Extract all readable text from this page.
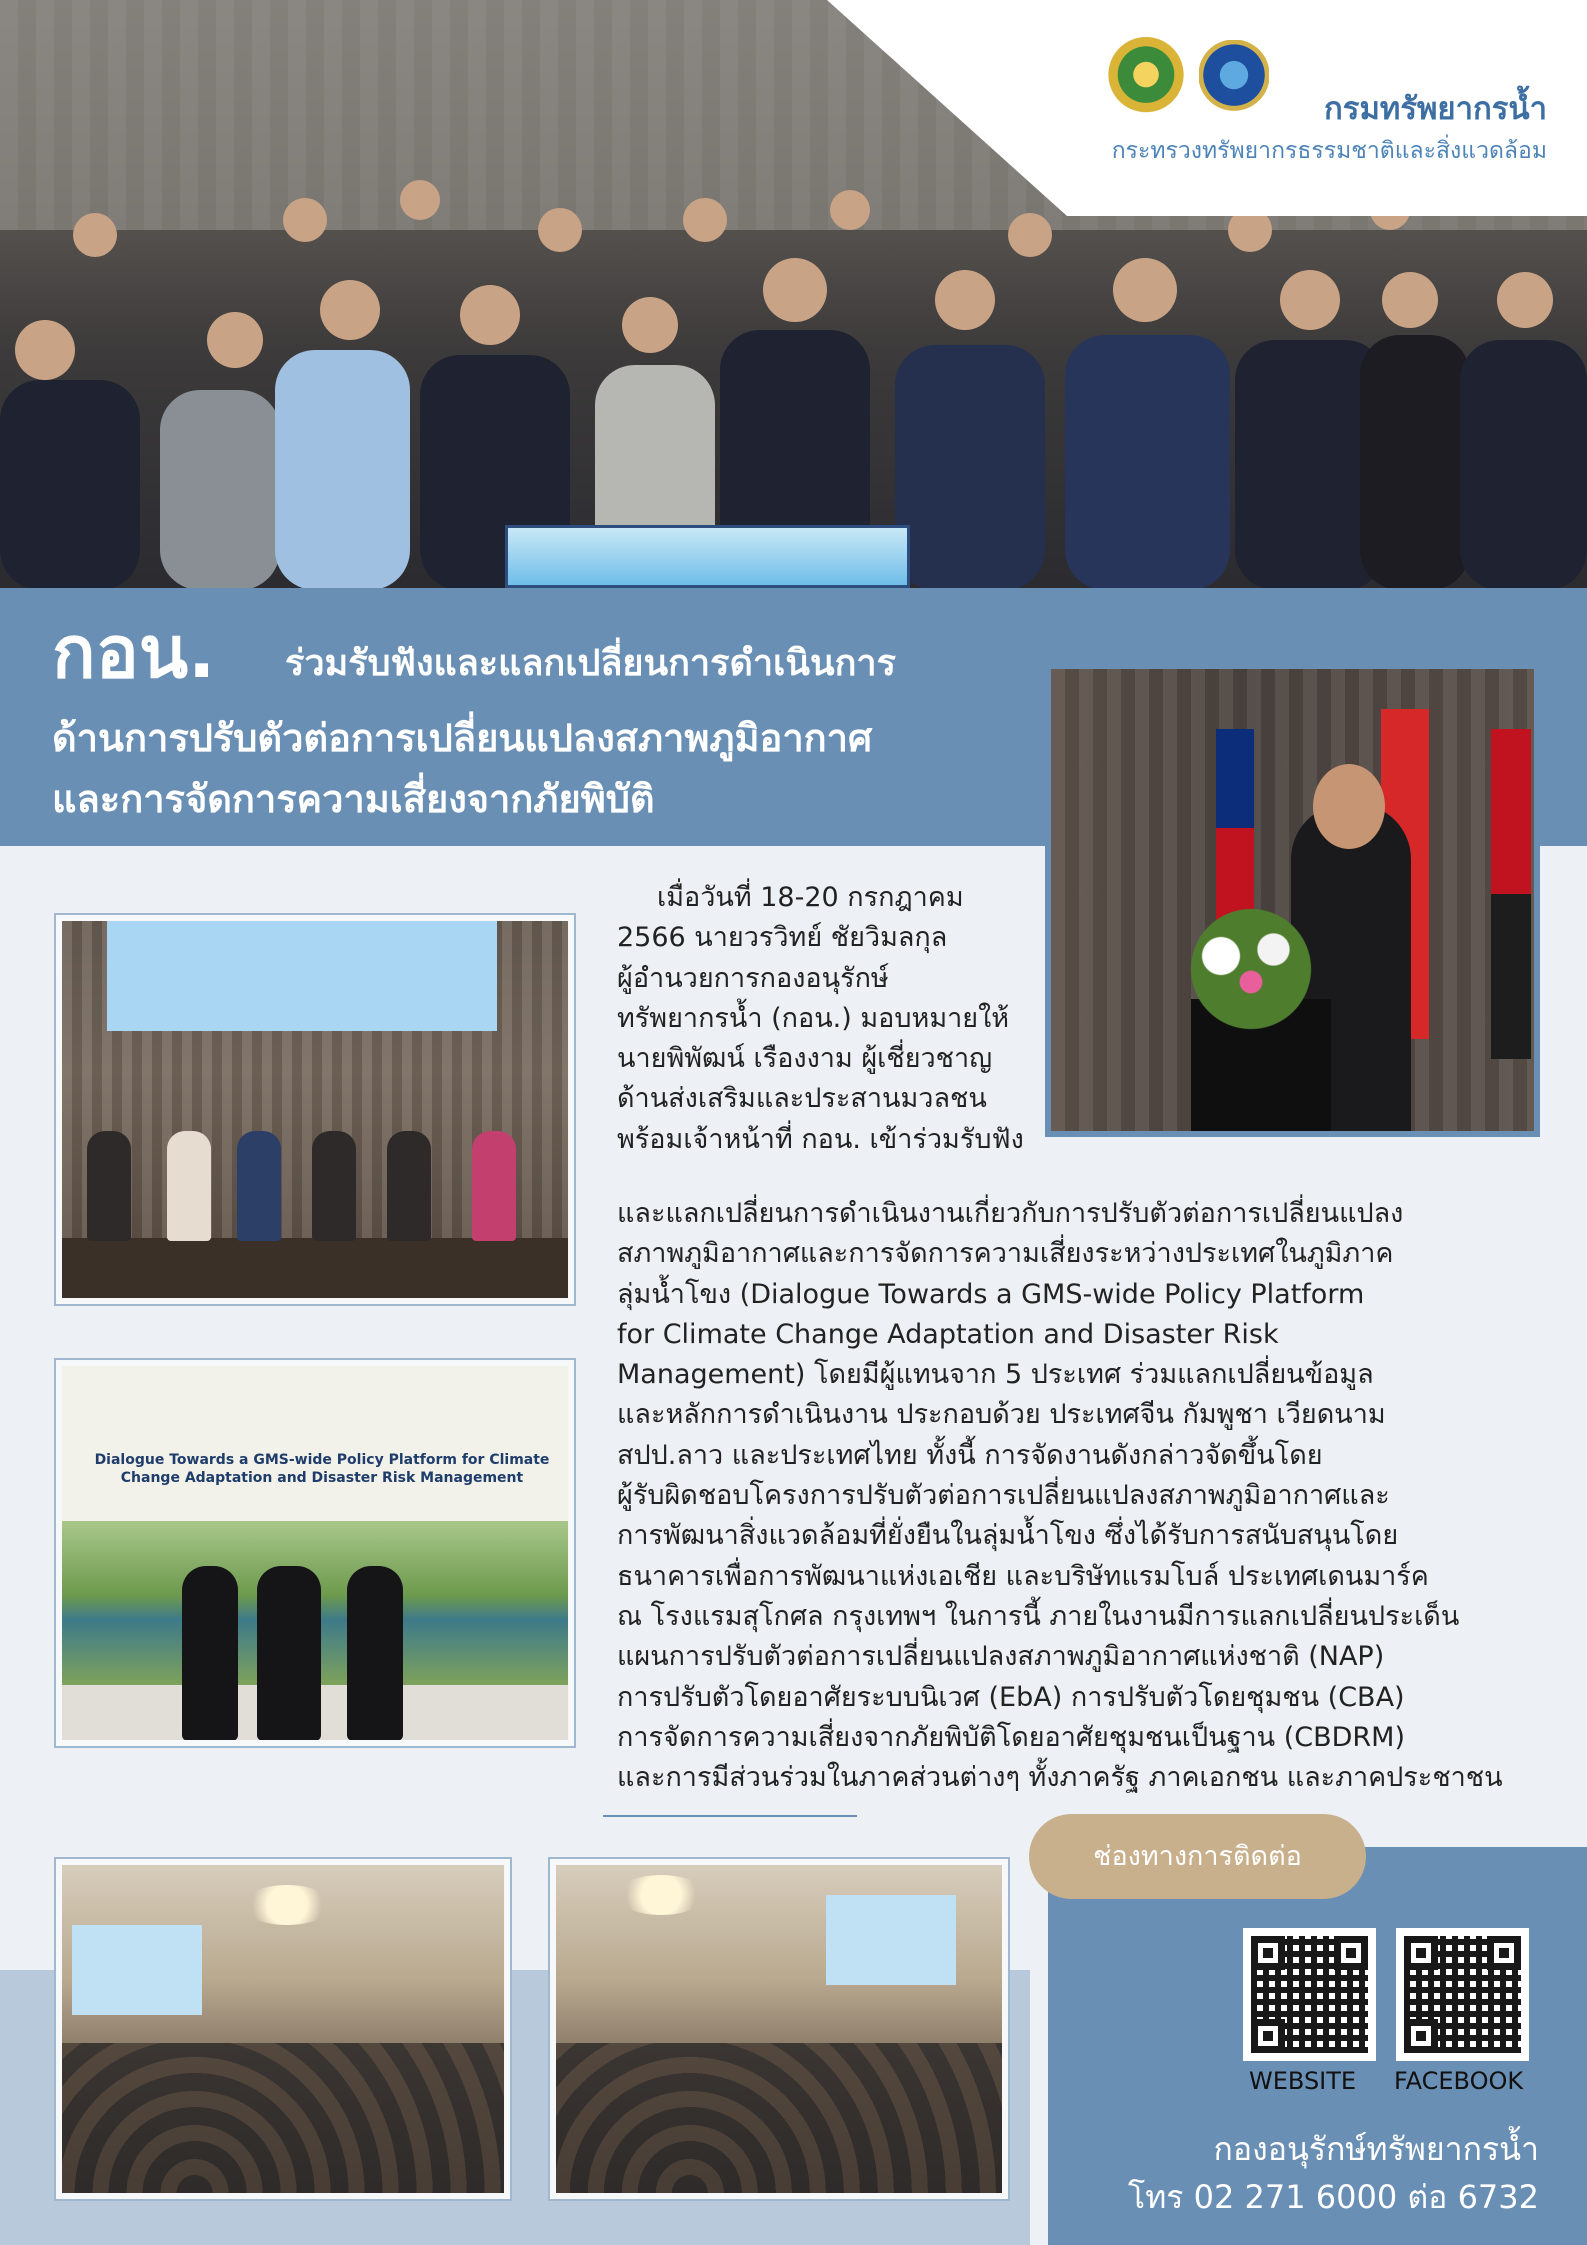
กรมทรัพยากรน้ำ
กระทรวงทรัพยากรธรรมชาติและสิ่งแวดล้อม
กอน. ร่วมรับฟังและแลกเปลี่ยนการดำเนินการ
ด้านการปรับตัวต่อการเปลี่ยนแปลงสภาพภูมิอากาศ
และการจัดการความเสี่ยงจากภัยพิบัติ
Dialogue Towards a GMS-wide Policy Platform for Climate
Change Adaptation and Disaster Risk Management
เมื่อวันที่ 18-20 กรกฎาคม
2566 นายวรวิทย์ ชัยวิมลกุล
ผู้อำนวยการกองอนุรักษ์
ทรัพยากรน้ำ (กอน.) มอบหมายให้
นายพิพัฒน์ เรืองงาม ผู้เชี่ยวชาญ
ด้านส่งเสริมและประสานมวลชน
พร้อมเจ้าหน้าที่ กอน. เข้าร่วมรับฟัง
และแลกเปลี่ยนการดำเนินงานเกี่ยวกับการปรับตัวต่อการเปลี่ยนแปลง
สภาพภูมิอากาศและการจัดการความเสี่ยงระหว่างประเทศในภูมิภาค
ลุ่มน้ำโขง (Dialogue Towards a GMS-wide Policy Platform
for Climate Change Adaptation and Disaster Risk
Management) โดยมีผู้แทนจาก 5 ประเทศ ร่วมแลกเปลี่ยนข้อมูล
และหลักการดำเนินงาน ประกอบด้วย ประเทศจีน กัมพูชา เวียดนาม
สปป.ลาว และประเทศไทย ทั้งนี้ การจัดงานดังกล่าวจัดขึ้นโดย
ผู้รับผิดชอบโครงการปรับตัวต่อการเปลี่ยนแปลงสภาพภูมิอากาศและ
การพัฒนาสิ่งแวดล้อมที่ยั่งยืนในลุ่มน้ำโขง ซึ่งได้รับการสนับสนุนโดย
ธนาคารเพื่อการพัฒนาแห่งเอเชีย และบริษัทแรมโบล์ ประเทศเดนมาร์ค
ณ โรงแรมสุโกศล กรุงเทพฯ ในการนี้ ภายในงานมีการแลกเปลี่ยนประเด็น
แผนการปรับตัวต่อการเปลี่ยนแปลงสภาพภูมิอากาศแห่งชาติ (NAP)
การปรับตัวโดยอาศัยระบบนิเวศ (EbA) การปรับตัวโดยชุมชน (CBA)
การจัดการความเสี่ยงจากภัยพิบัติโดยอาศัยชุมชนเป็นฐาน (CBDRM)
และการมีส่วนร่วมในภาคส่วนต่างๆ ทั้งภาครัฐ ภาคเอกชน และภาคประชาชน
ช่องทางการติดต่อ
WEBSITE FACEBOOK
กองอนุรักษ์ทรัพยากรน้ำ
โทร 02 271 6000 ต่อ 6732
